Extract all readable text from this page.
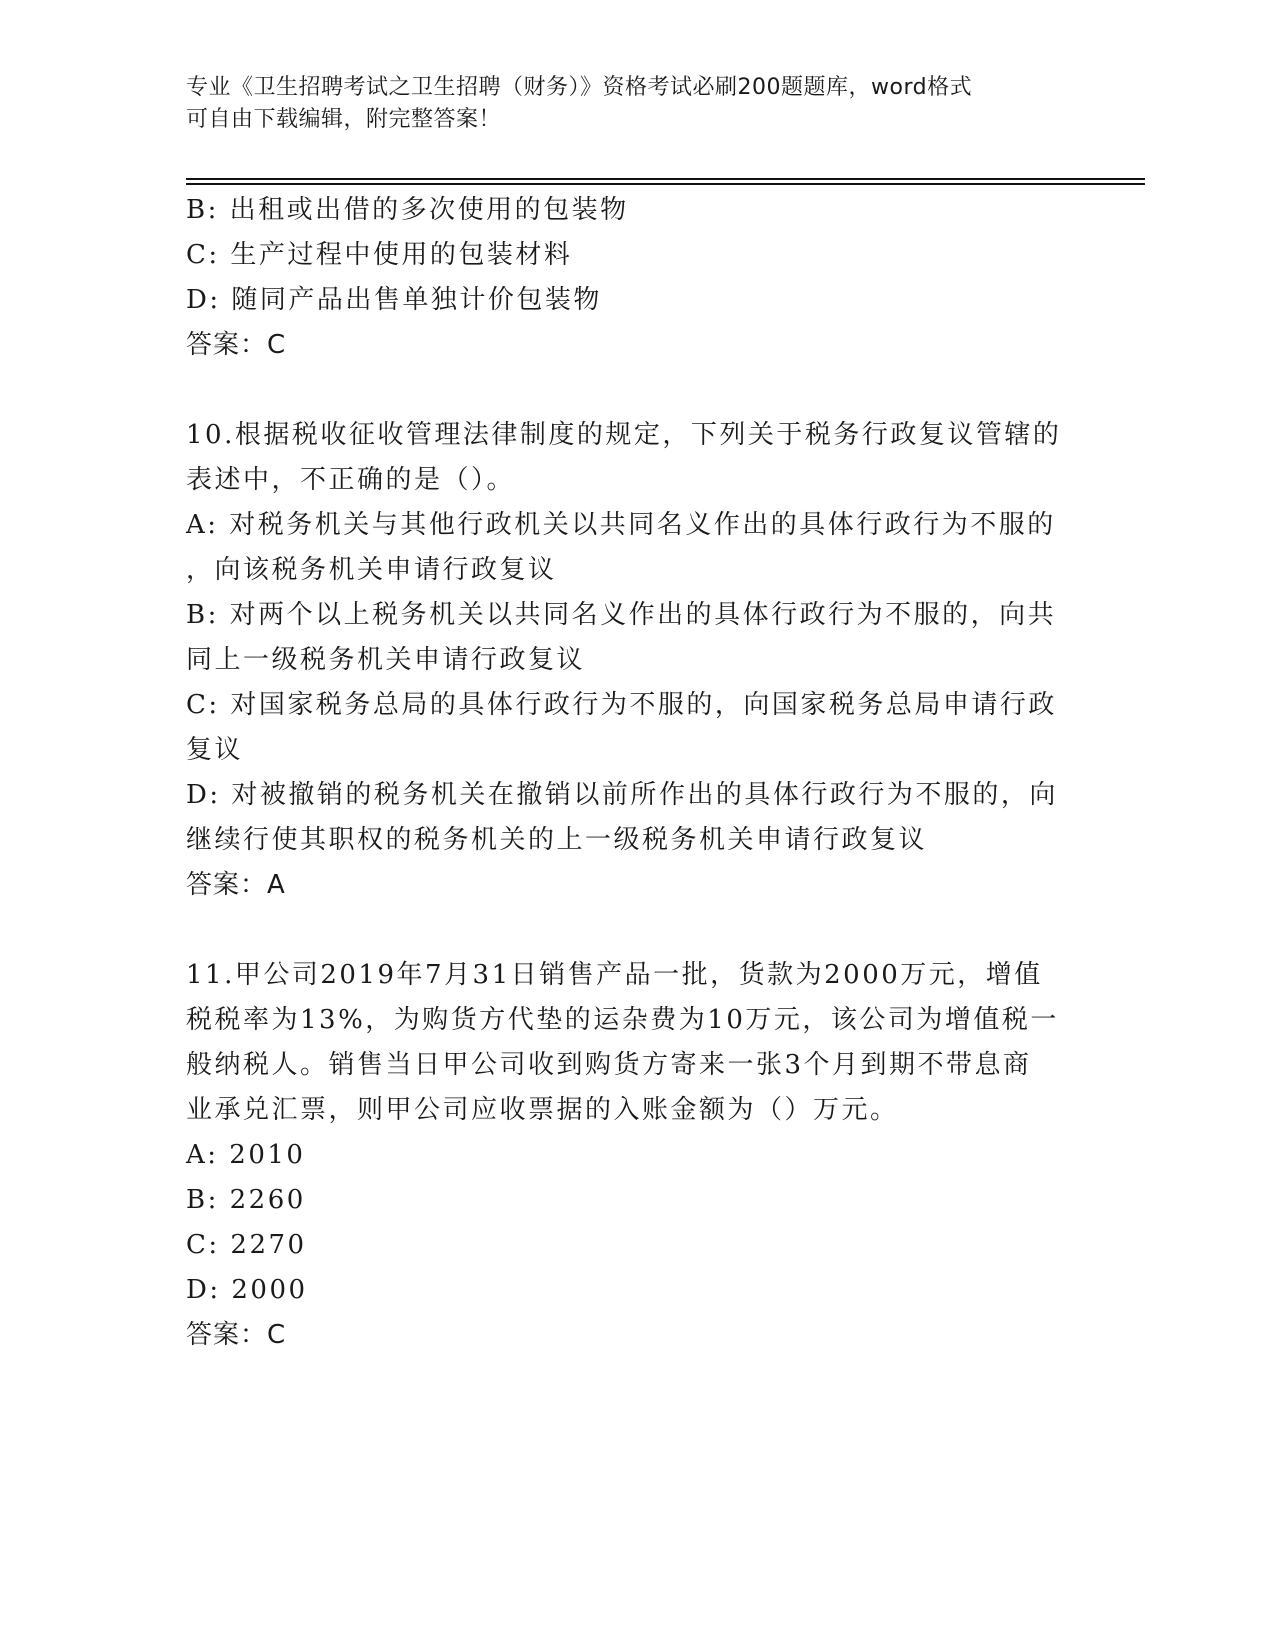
专业《卫生招聘考试之卫生招聘（财务）》资格考试必刷200题题库，word格式
可自由下载编辑，附完整答案！
B: 出租或出借的多次使用的包装物
C: 生产过程中使用的包装材料
D: 随同产品出售单独计价包装物
答案：C
10.根据税收征收管理法律制度的规定，下列关于税务行政复议管辖的
表述中，不正确的是（）。
A: 对税务机关与其他行政机关以共同名义作出的具体行政行为不服的
，向该税务机关申请行政复议
B: 对两个以上税务机关以共同名义作出的具体行政行为不服的，向共
同上一级税务机关申请行政复议
C: 对国家税务总局的具体行政行为不服的，向国家税务总局申请行政
复议
D: 对被撤销的税务机关在撤销以前所作出的具体行政行为不服的，向
继续行使其职权的税务机关的上一级税务机关申请行政复议
答案：A
11.甲公司2019年7月31日销售产品一批，货款为2000万元，增值
税税率为13%，为购货方代垫的运杂费为10万元，该公司为增值税一
般纳税人。销售当日甲公司收到购货方寄来一张3个月到期不带息商
业承兑汇票，则甲公司应收票据的入账金额为（）万元。
A: 2010
B: 2260
C: 2270
D: 2000
答案：C
